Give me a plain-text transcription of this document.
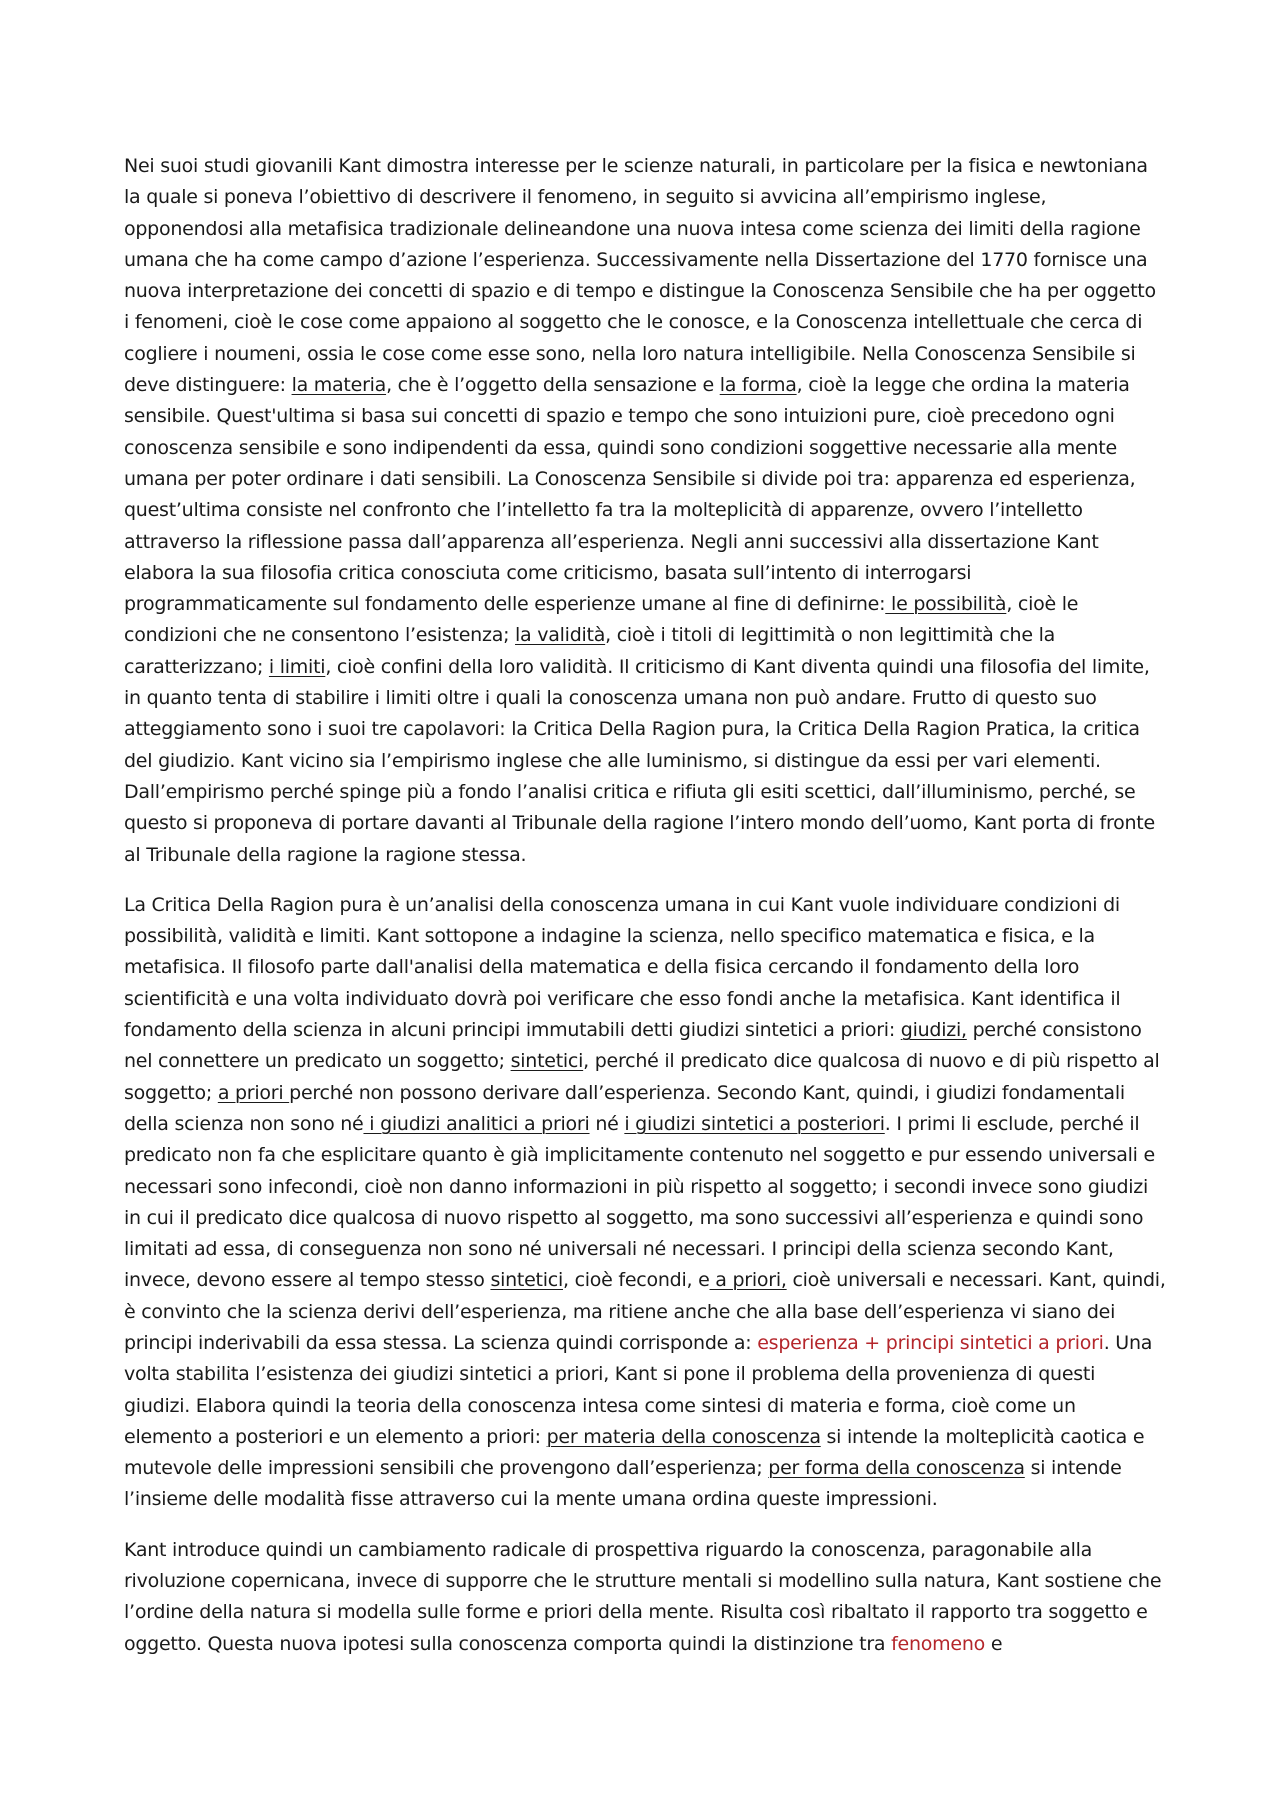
Nei suoi studi giovanili Kant dimostra interesse per le scienze naturali, in particolare per la fisica e newtoniana la quale si poneva l’obiettivo di descrivere il fenomeno, in seguito si avvicina all’empirismo inglese, opponendosi alla metafisica tradizionale delineandone una nuova intesa come scienza dei limiti della ragione umana che ha come campo d’azione l’esperienza. Successivamente nella Dissertazione del 1770 fornisce una nuova interpretazione dei concetti di spazio e di tempo e distingue la Conoscenza Sensibile che ha per oggetto i fenomeni, cioè le cose come appaiono al soggetto che le conosce, e la Conoscenza intellettuale che cerca di cogliere i noumeni, ossia le cose come esse sono, nella loro natura intelligibile. Nella Conoscenza Sensibile si deve distinguere: la materia, che è l’oggetto della sensazione e la forma, cioè la legge che ordina la materia sensibile. Quest'ultima si basa sui concetti di spazio e tempo che sono intuizioni pure, cioè precedono ogni conoscenza sensibile e sono indipendenti da essa, quindi sono condizioni soggettive necessarie alla mente umana per poter ordinare i dati sensibili. La Conoscenza Sensibile si divide poi tra: apparenza ed esperienza, quest’ultima consiste nel confronto che l’intelletto fa tra la molteplicità di apparenze, ovvero l’intelletto attraverso la riflessione passa dall’apparenza all’esperienza. Negli anni successivi alla dissertazione Kant elabora la sua filosofia critica conosciuta come criticismo, basata sull’intento di interrogarsi programmaticamente sul fondamento delle esperienze umane al fine di definirne: le possibilità, cioè le condizioni che ne consentono l’esistenza; la validità, cioè i titoli di legittimità o non legittimità che la caratterizzano; i limiti, cioè confini della loro validità. Il criticismo di Kant diventa quindi una filosofia del limite, in quanto tenta di stabilire i limiti oltre i quali la conoscenza umana non può andare. Frutto di questo suo atteggiamento sono i suoi tre capolavori: la Critica Della Ragion pura, la Critica Della Ragion Pratica, la critica del giudizio. Kant vicino sia l’empirismo inglese che alle luminismo, si distingue da essi per vari elementi. Dall’empirismo perché spinge più a fondo l’analisi critica e rifiuta gli esiti scettici, dall’illuminismo, perché, se questo si proponeva di portare davanti al Tribunale della ragione l’intero mondo dell’uomo, Kant porta di fronte al Tribunale della ragione la ragione stessa.

La Critica Della Ragion pura è un’analisi della conoscenza umana in cui Kant vuole individuare condizioni di possibilità, validità e limiti. Kant sottopone a indagine la scienza, nello specifico matematica e fisica, e la metafisica. Il filosofo parte dall'analisi della matematica e della fisica cercando il fondamento della loro scientificità e una volta individuato dovrà poi verificare che esso fondi anche la metafisica. Kant identifica il fondamento della scienza in alcuni principi immutabili detti giudizi sintetici a priori: giudizi, perché consistono nel connettere un predicato un soggetto; sintetici, perché il predicato dice qualcosa di nuovo e di più rispetto al soggetto; a priori perché non possono derivare dall’esperienza. Secondo Kant, quindi, i giudizi fondamentali della scienza non sono né i giudizi analitici a priori né i giudizi sintetici a posteriori. I primi li esclude, perché il predicato non fa che esplicitare quanto è già implicitamente contenuto nel soggetto e pur essendo universali e necessari sono infecondi, cioè non danno informazioni in più rispetto al soggetto; i secondi invece sono giudizi in cui il predicato dice qualcosa di nuovo rispetto al soggetto, ma sono successivi all’esperienza e quindi sono limitati ad essa, di conseguenza non sono né universali né necessari. I principi della scienza secondo Kant, invece, devono essere al tempo stesso sintetici, cioè fecondi, e a priori, cioè universali e necessari. Kant, quindi, è convinto che la scienza derivi dell’esperienza, ma ritiene anche che alla base dell’esperienza vi siano dei principi inderivabili da essa stessa. La scienza quindi corrisponde a: esperienza + principi sintetici a priori. Una volta stabilita l’esistenza dei giudizi sintetici a priori, Kant si pone il problema della provenienza di questi giudizi. Elabora quindi la teoria della conoscenza intesa come sintesi di materia e forma, cioè come un elemento a posteriori e un elemento a priori: per materia della conoscenza si intende la molteplicità caotica e mutevole delle impressioni sensibili che provengono dall’esperienza; per forma della conoscenza si intende l’insieme delle modalità fisse attraverso cui la mente umana ordina queste impressioni.

Kant introduce quindi un cambiamento radicale di prospettiva riguardo la conoscenza, paragonabile alla rivoluzione copernicana, invece di supporre che le strutture mentali si modellino sulla natura, Kant sostiene che l’ordine della natura si modella sulle forme e priori della mente. Risulta così ribaltato il rapporto tra soggetto e oggetto. Questa nuova ipotesi sulla conoscenza comporta quindi la distinzione tra fenomeno e
